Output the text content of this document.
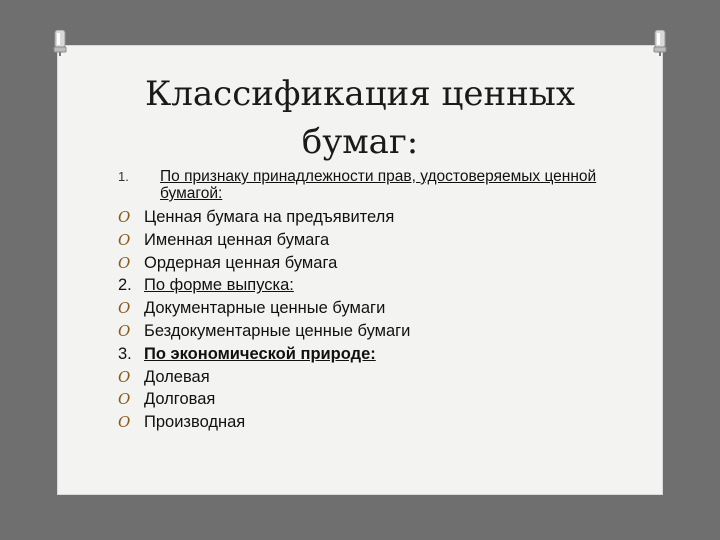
Классификация ценных
бумаг:
1. По признаку принадлежности прав, удостоверяемых ценной бумагой:
O Ценная бумага на предъявителя
O Именная ценная бумага
O Ордерная ценная бумага
2. По форме выпуска:
O Документарные ценные бумаги
O Бездокументарные ценные бумаги
3. По экономической природе:
O Долевая
O Долговая
O Производная
